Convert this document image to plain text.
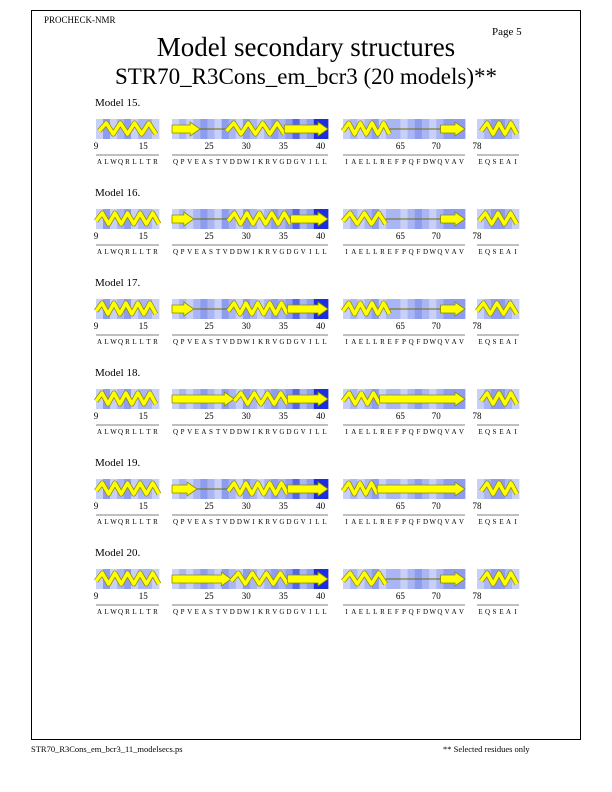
PROCHECK-NMR
Page 5
Model secondary structures
STR70_R3Cons_em_bcr3 (20 models)**
Model 15.
9	15
A L W Q R L L T R
25	30	35	40
Q P V E A S T V D D W I K R V G D G V I L L
65	70
I A E L L R E F P Q F D W Q V A V
78
E Q S E A I
Model 16.
9	15
A L W Q R L L T R
25	30	35	40
Q P V E A S T V D D W I K R V G D G V I L L
65	70
I A E L L R E F P Q F D W Q V A V
78
E Q S E A I
Model 17.
9	15
A L W Q R L L T R
25	30	35	40
Q P V E A S T V D D W I K R V G D G V I L L
65	70
I A E L L R E F P Q F D W Q V A V
78
E Q S E A I
Model 18.
9	15
A L W Q R L L T R
25	30	35	40
Q P V E A S T V D D W I K R V G D G V I L L
65	70
I A E L L R E F P Q F D W Q V A V
78
E Q S E A I
Model 19.
9	15
A L W Q R L L T R
25	30	35	40
Q P V E A S T V D D W I K R V G D G V I L L
65	70
I A E L L R E F P Q F D W Q V A V
78
E Q S E A I
Model 20.
9	15
A L W Q R L L T R
25	30	35	40
Q P V E A S T V D D W I K R V G D G V I L L
65	70
I A E L L R E F P Q F D W Q V A V
78
E Q S E A I
STR70_R3Cons_em_bcr3_11_modelsecs.ps	** Selected residues only
